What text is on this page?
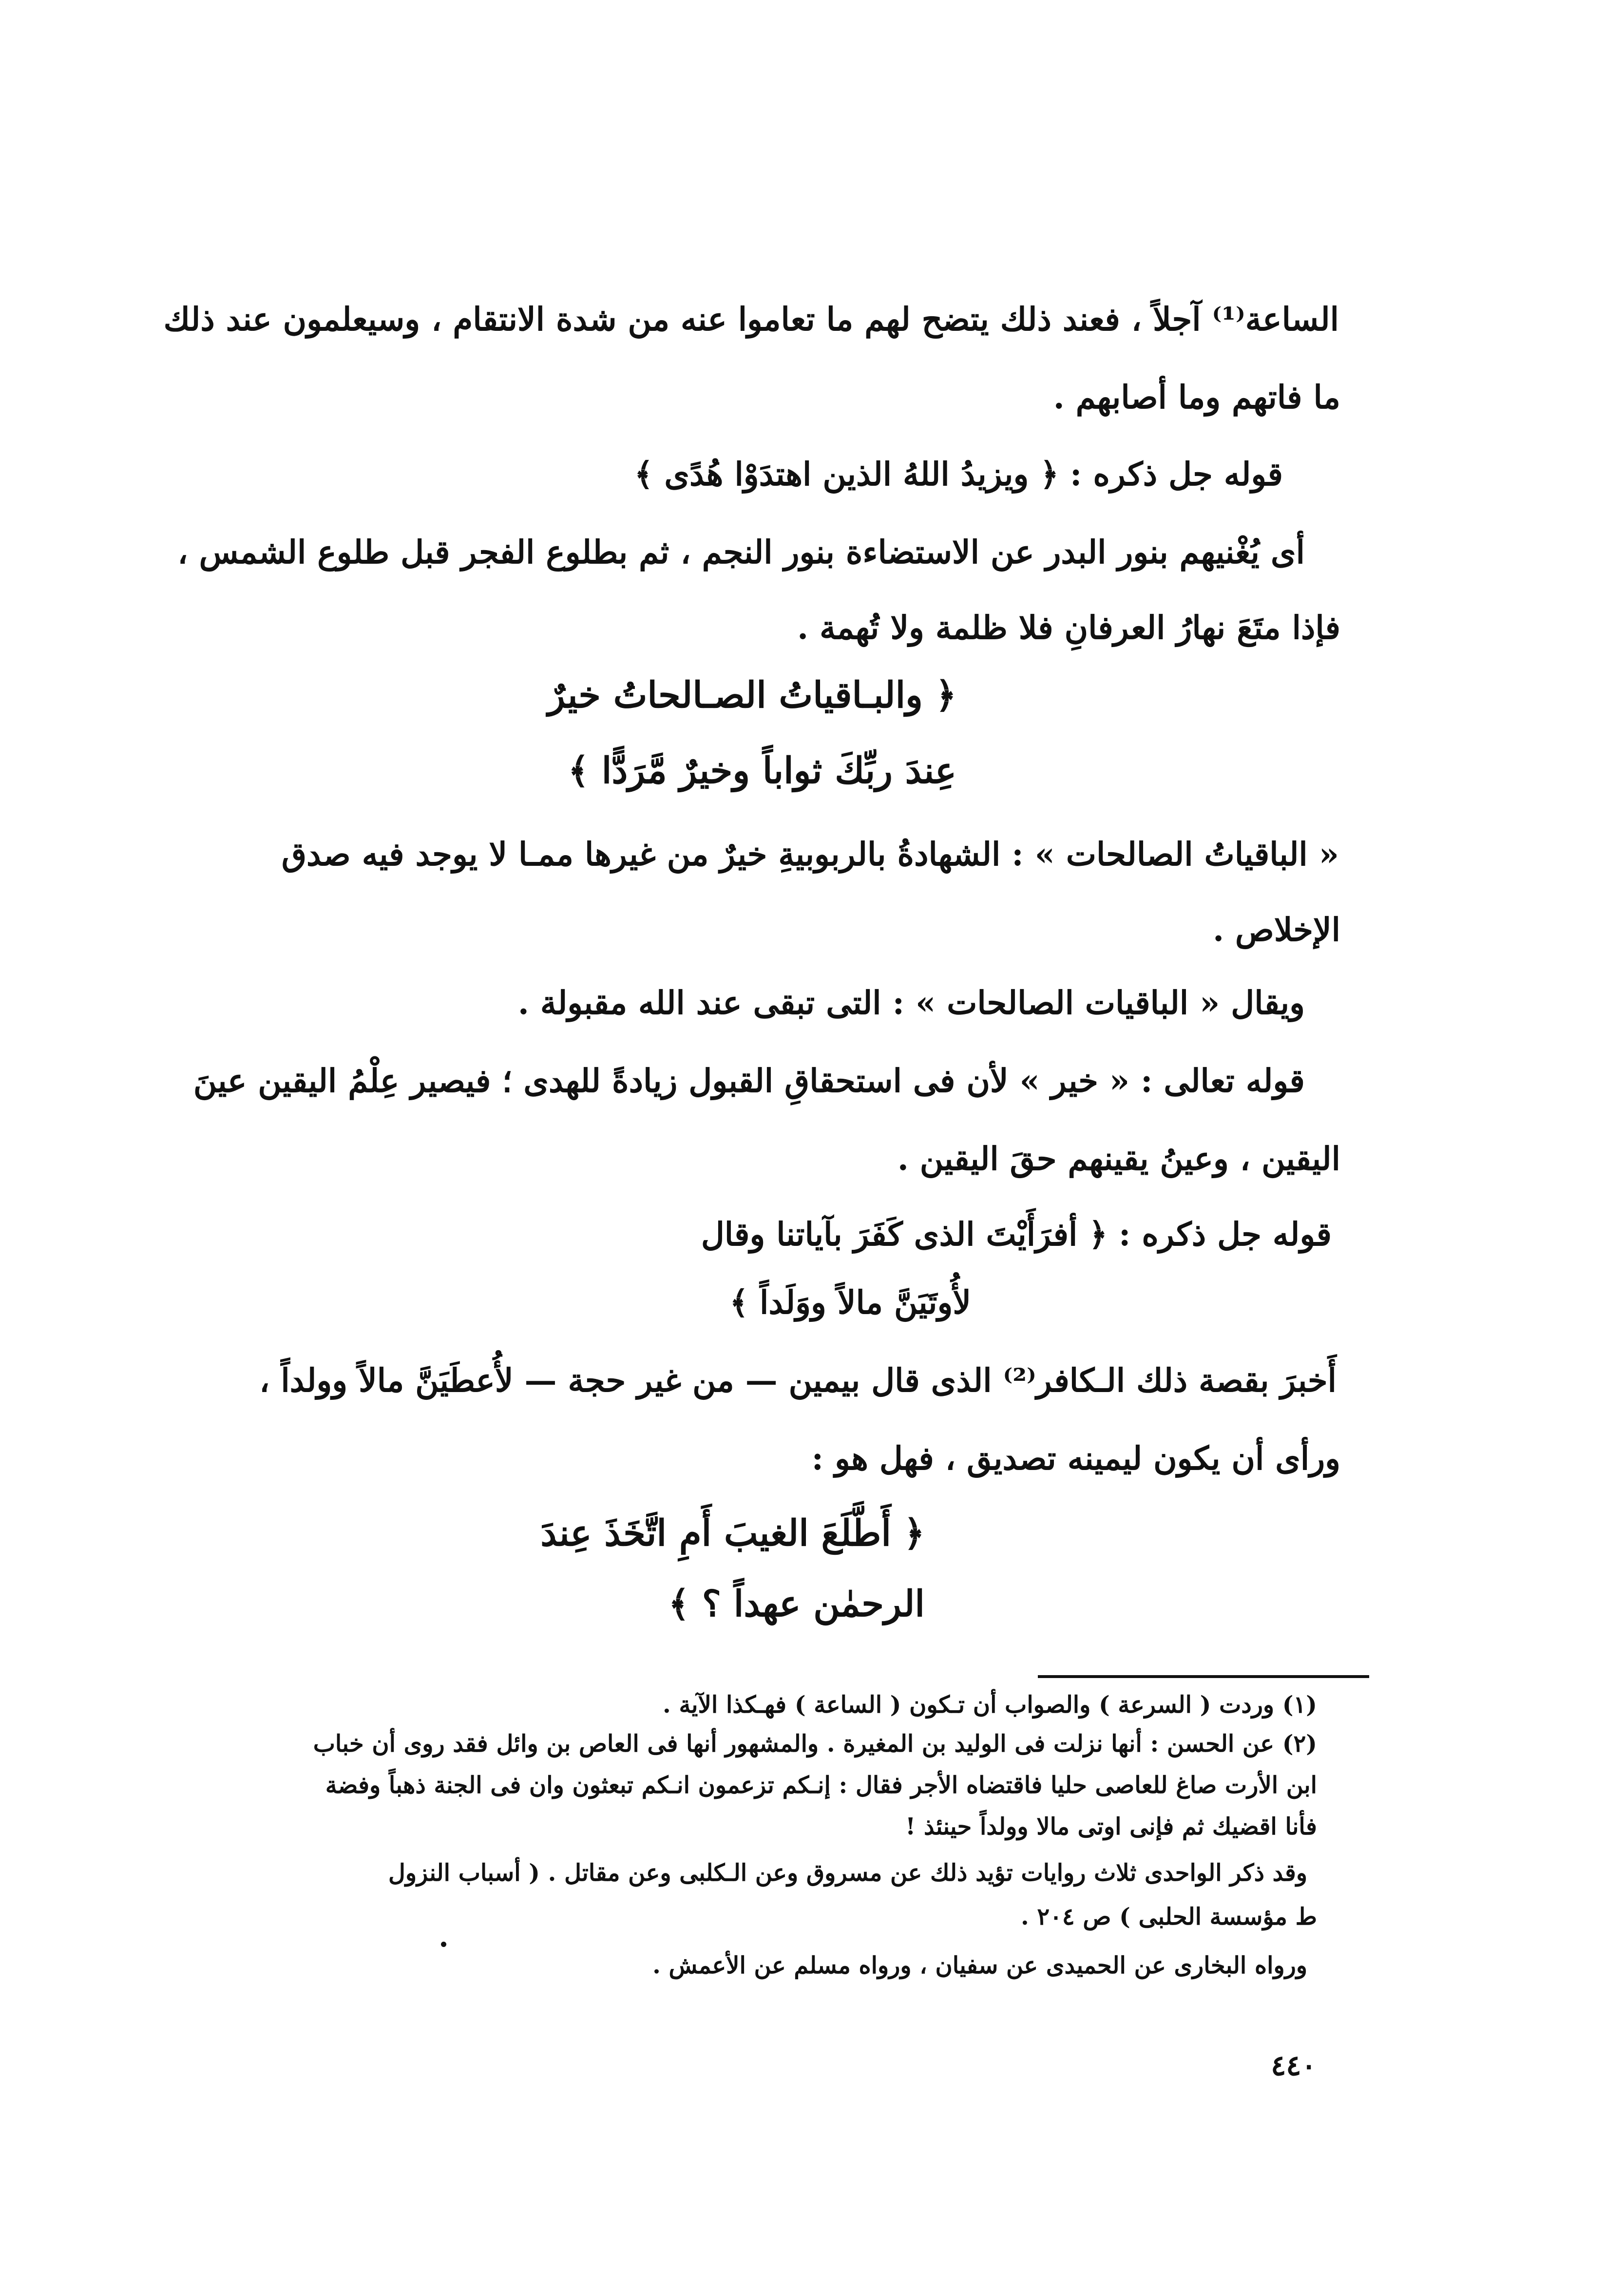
الساعة⁽¹⁾ آجلاً ، فعند ذلك يتضح لهم ما تعاموا عنه من شدة الانتقام ، وسيعلمون عند ذلك
ما فاتهم وما أصابهم .
قوله جل ذكره : ﴿ ويزيدُ اللهُ الذين اهتدَوْا هُدًى ﴾
أى يُغْنيهم بنور البدر عن الاستضاءة بنور النجم ، ثم بطلوع الفجر قبل طلوع الشمس ،
فإذا متَعَ نهارُ العرفانِ فلا ظلمة ولا تُهمة .
﴿ والبـاقياتُ الصـالحاتُ خيرٌ
عِندَ ربِّكَ ثواباً وخيرٌ مَّرَدًّا ﴾
« الباقياتُ الصالحات » : الشهادةُ بالربوبيةِ خيرٌ من غيرها ممـا لا يوجد فيه صدق
الإخلاص .
ويقال « الباقيات الصالحات » : التى تبقى عند الله مقبولة .
قوله تعالى : « خير » لأن فى استحقاقِ القبول زيادةً للهدى ؛ فيصير عِلْمُ اليقين عينَ
اليقين ، وعينُ يقينهم حقَ اليقين .
قوله جل ذكره : ﴿ أفرَأَيْتَ الذى كَفَرَ بآياتنا وقال
لأُوتَيَنَّ مالاً ووَلَداً ﴾
أَخبرَ بقصة ذلك الـكافر⁽²⁾ الذى قال بيمين — من غير حجة — لأُعطَيَنَّ مالاً وولداً ،
ورأى أن يكون ليمينه تصديق ، فهل هو :
﴿ أَطَّلَعَ الغيبَ أَمِ اتَّخَذَ عِندَ
الرحمٰن عهداً ؟ ﴾
(١) وردت ( السرعة ) والصواب أن تـكون ( الساعة ) فهـكذا الآية .
(٢) عن الحسن : أنها نزلت فى الوليد بن المغيرة . والمشهور أنها فى العاص بن وائل فقد روى أن خباب
ابن الأرت صاغ للعاصى حليا فاقتضاه الأجر فقال : إنـكم تزعمون انـكم تبعثون وان فى الجنة ذهباً وفضة
فأنا اقضيك ثم فإنى اوتى مالا وولداً حينئذ !
وقد ذكر الواحدى ثلاث روايات تؤيد ذلك عن مسروق وعن الـكلبى وعن مقاتل . ( أسباب النزول
ط مؤسسة الحلبى ) ص ٢٠٤ .
ورواه البخارى عن الحميدى عن سفيان ، ورواه مسلم عن الأعمش .
٤٤٠
